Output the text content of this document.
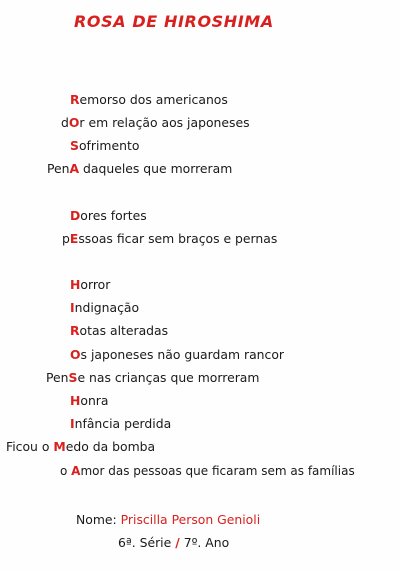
ROSA DE HIROSHIMA
Remorso dos americanos
dOr em relação aos japoneses
Sofrimento
PenA daqueles que morreram
Dores fortes
pEssoas ficar sem braços e pernas
Horror
Indignação
Rotas alteradas
Os japoneses não guardam rancor
PenSe nas crianças que morreram
Honra
Infância perdida
Ficou o Medo da bomba
o Amor das pessoas que ficaram sem as famílias
Nome: Priscilla Person Genioli
6ª. Série / 7º. Ano
